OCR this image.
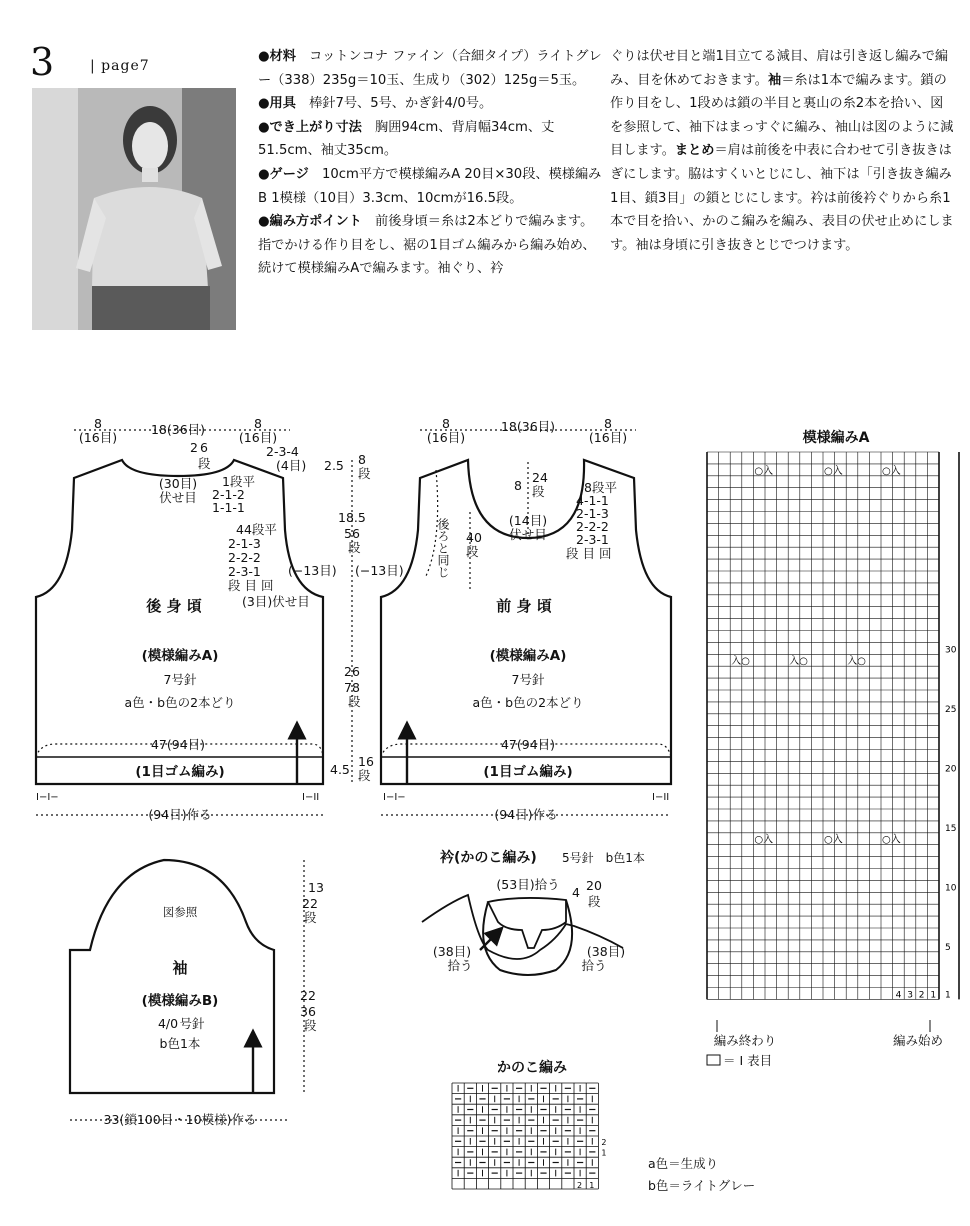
3	| page7
●材料　コットンコナ ファイン（合細タイプ）ライトグレー（338）235g＝10玉、生成り（302）125g＝5玉。
●用具　棒針7号、5号、かぎ針4/0号。
●でき上がり寸法　胸囲94cm、背肩幅34cm、丈51.5cm、袖丈35cm。
●ゲージ　10cm平方で模様編みA 20目×30段、模様編みB 1模様（10目）3.3cm、10cmが16.5段。
●編み方ポイント　前後身頃＝糸は2本どりで編みます。指でかける作り目をし、裾の1目ゴム編みから編み始め、続けて模様編みAで編みます。袖ぐり、衿
ぐりは伏せ目と端1目立てる減目、肩は引き返し編みで編み、目を休めておきます。袖＝糸は1本で編みます。鎖の作り目をし、1段めは鎖の半目と裏山の糸2本を拾い、図を参照して、袖下はまっすぐに編み、袖山は図のように減目します。まとめ＝肩は前後を中表に合わせて引き抜きはぎにします。脇はすくいとじにし、袖下は「引き抜き編み1目、鎖3目」の鎖とじにします。衿は前後衿ぐりから糸1本で目を拾い、かのこ編みを編み、表目の伏せ止めにします。袖は身頃に引き抜きとじでつけます。
8
(16目)
18(36目)	8
(16目)
2 6
段
(30目)
伏せ目
1段平
2-1-2
1-1-1
2-3-4
(4目)
44段平
2-1-3
2-2-2
2-3-1
段 目 回
(3目)伏せ目
(−13目)
後 身 頃
(模様編みA)
7号針
a色・b色の2本どり
47(94目)
(1目ゴム編み)
I−I−	I−II
(94目)作る
8
(16目)
18(36目)	8
(16目)
8
24
段
(14目)
伏せ目
8段平
4-1-1
2-1-3
2-2-2
2-3-1
段 目 回
後ろと同じ 40
段
(−13目)
前 身 頃
(模様編みA)
7号針
a色・b色の2本どり
47(94目)
(1目ゴム編み)
I−I−	I−II
(94目)作る
2.5 8
段
18.5
56
段
26
78
段
4.5
16
段
図参照
袖
(模様編みB)
4/0 号針
b色1本
13
22
段
22
36
段
33(鎖100目・10模様)作る
衿(かのこ編み) 5号針　b色1本
(53目)拾う
4 20
段
(38目)
拾う
(38目)
拾う
模様編みA
編み終わり	編み始め
＝ I 表目
かのこ編み
a色＝生成り
b色＝ライトグレー
1
5
10
15
20
25
30
4 3 2 1
○入	○入	○入
入○	入○	入○
○入	○入	○入
2
1
2 1
